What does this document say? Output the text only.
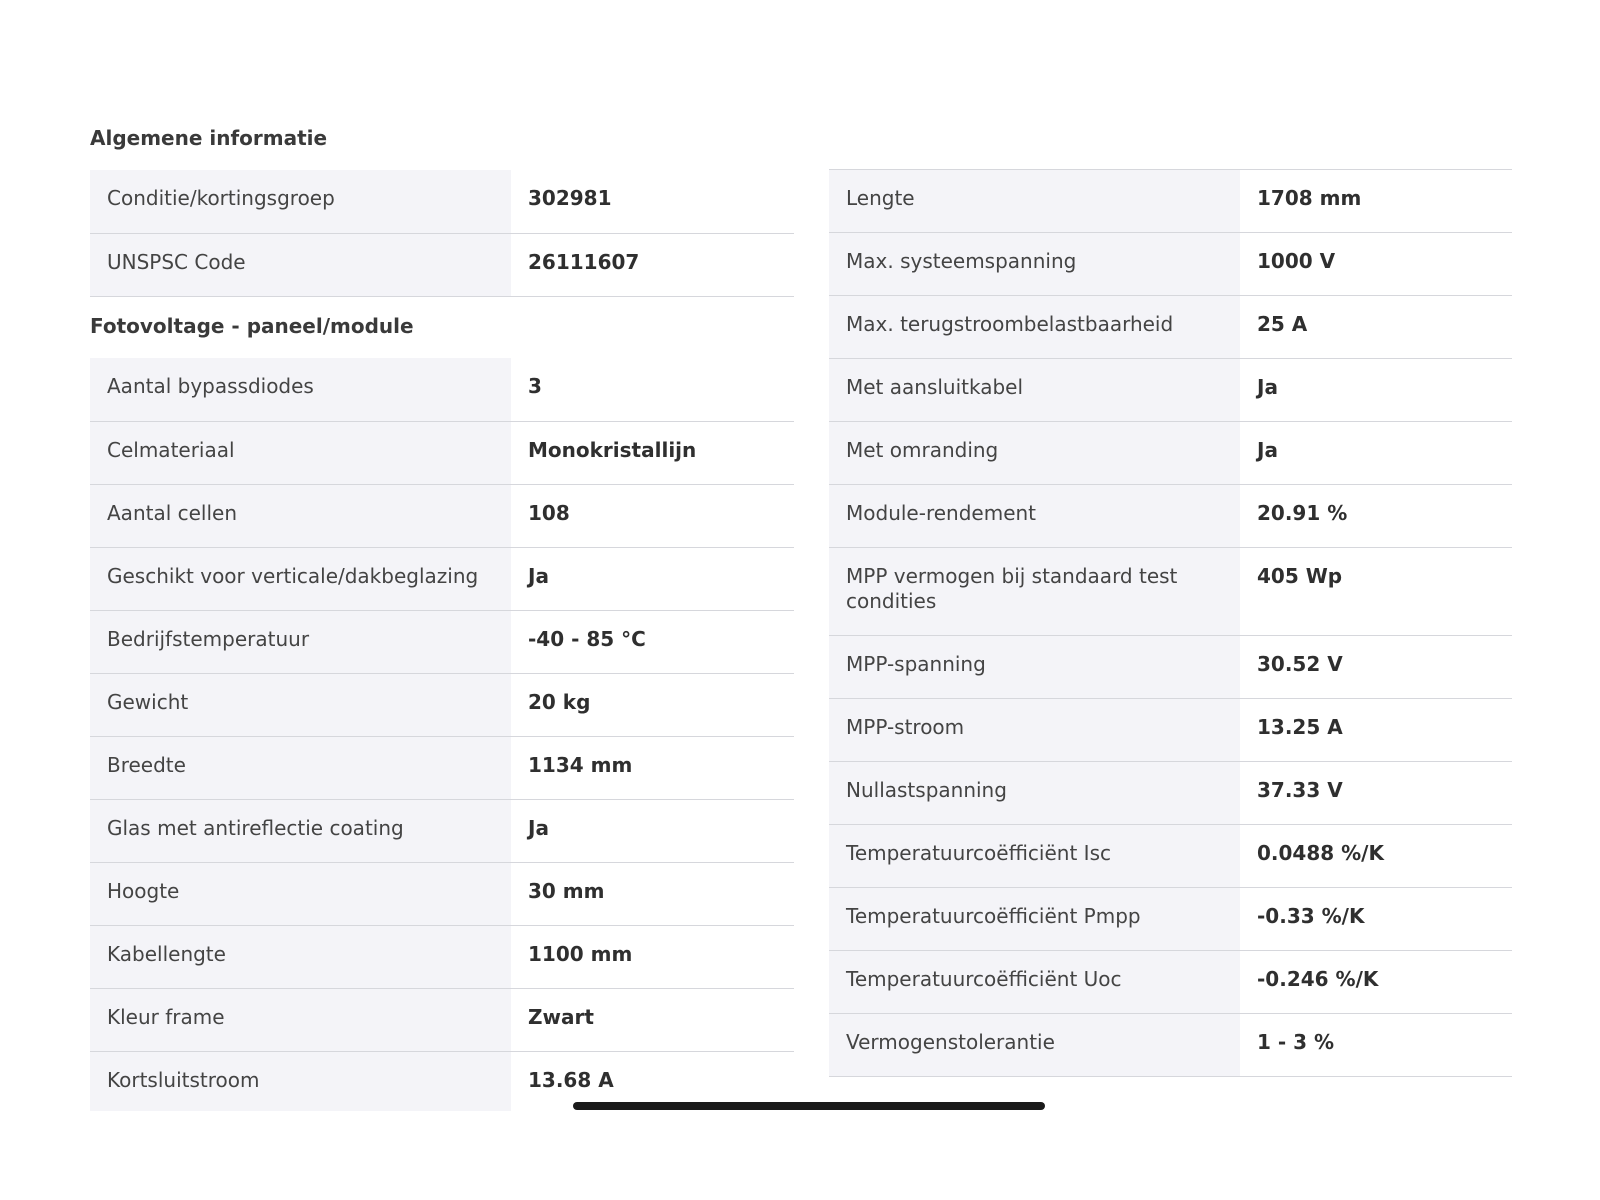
Algemene informatie
Conditie/kortingsgroep	302981
UNSPSC Code	26111607
Fotovoltage - paneel/module
Aantal bypassdiodes	3
Celmateriaal	Monokristallijn
Aantal cellen	108
Geschikt voor verticale/dakbeglazing	Ja
Bedrijfstemperatuur	-40 - 85 °C
Gewicht	20 kg
Breedte	1134 mm
Glas met antireflectie coating	Ja
Hoogte	30 mm
Kabellengte	1100 mm
Kleur frame	Zwart
Kortsluitstroom	13.68 A
Lengte	1708 mm
Max. systeemspanning	1000 V
Max. terugstroombelastbaarheid	25 A
Met aansluitkabel	Ja
Met omranding	Ja
Module-rendement	20.91 %
MPP vermogen bij standaard test condities	405 Wp
MPP-spanning	30.52 V
MPP-stroom	13.25 A
Nullastspanning	37.33 V
Temperatuurcoëfficiënt Isc	0.0488 %/K
Temperatuurcoëfficiënt Pmpp	-0.33 %/K
Temperatuurcoëfficiënt Uoc	-0.246 %/K
Vermogenstolerantie	1 - 3 %
